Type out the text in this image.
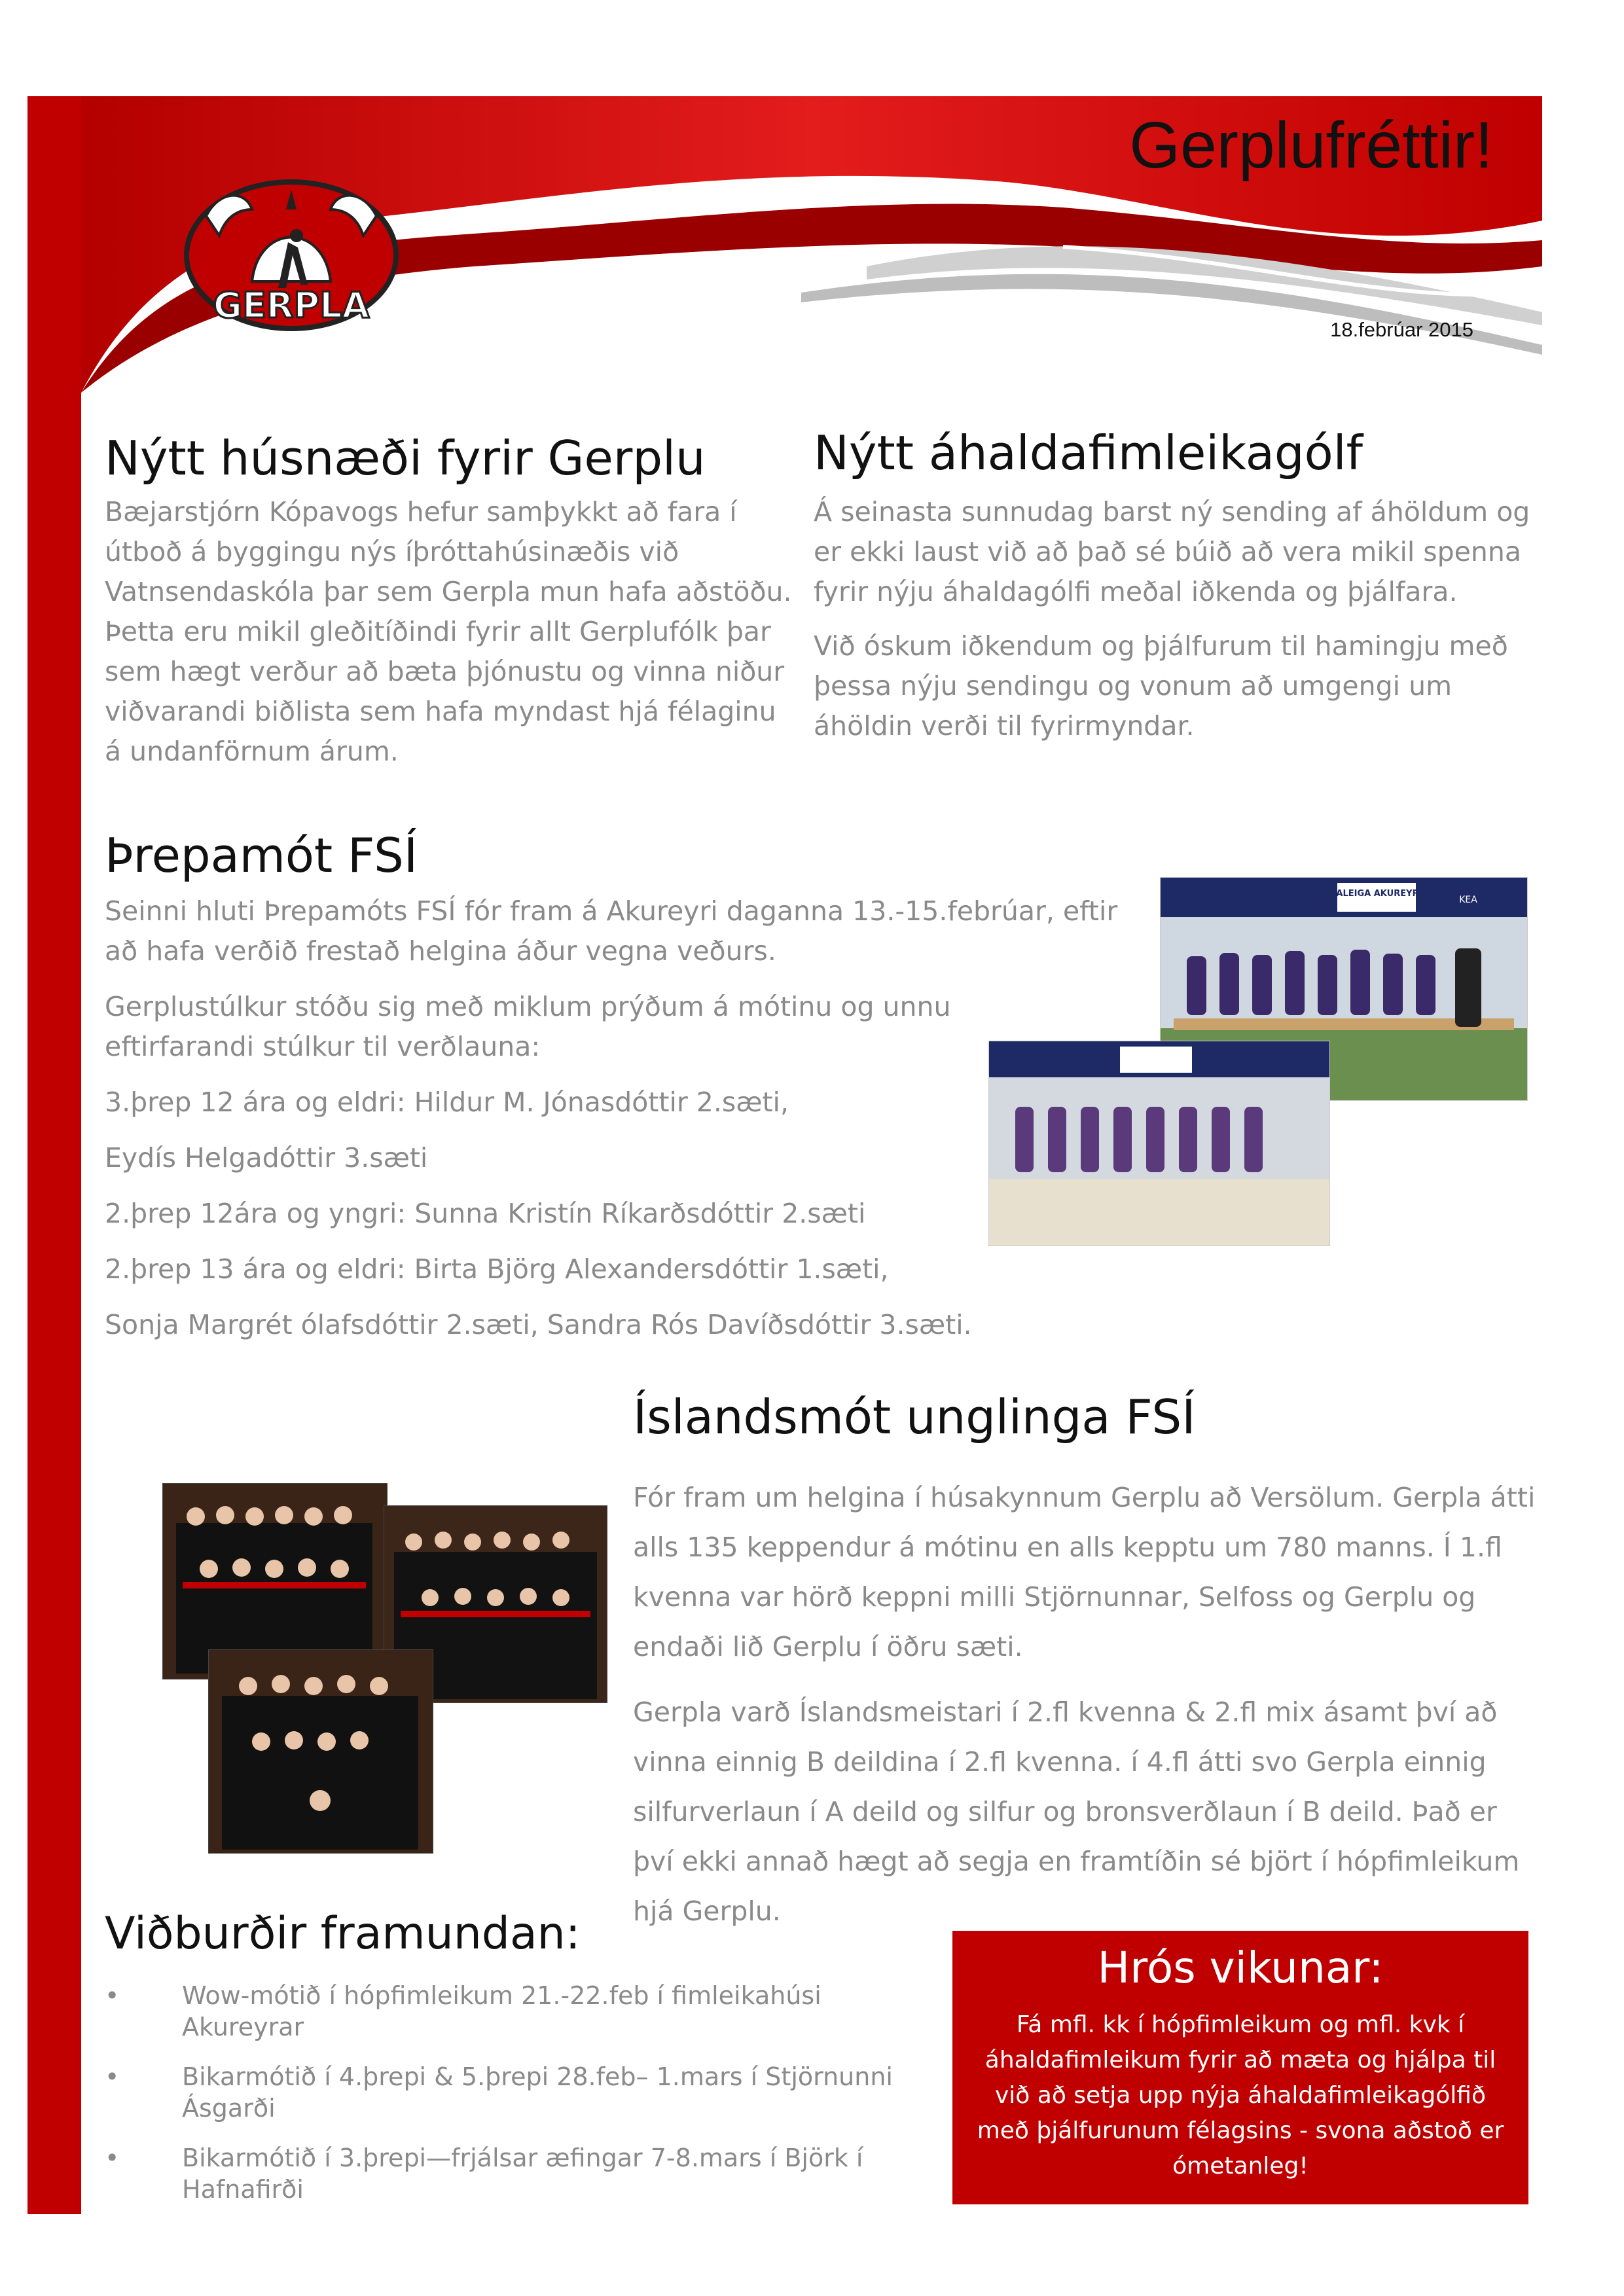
GERPLA
Gerplufréttir!
18.febrúar 2015
Nýtt húsnæði fyrir Gerplu

Bæjarstjórn Kópavogs hefur samþykkt að fara í útboð á byggingu nýs íþróttahúsinæðis við Vatnsendaskóla þar sem Gerpla mun hafa aðstöðu. Þetta eru mikil gleðitíðindi fyrir allt Gerplufólk þar sem hægt verður að bæta þjónustu og vinna niður viðvarandi biðlista sem hafa myndast hjá félaginu á undanförnum árum.

Nýtt áhaldafimleikagólf

Á seinasta sunnudag barst ný sending af áhöldum og er ekki laust við að það sé búið að vera mikil spenna fyrir nýju áhaldagólfi meðal iðkenda og þjálfara.

Við óskum iðkendum og þjálfurum til hamingju með þessa nýju sendingu og vonum að umgengi um áhöldin verði til fyrirmyndar.

Þrepamót FSÍ

Seinni hluti Þrepamóts FSÍ fór fram á Akureyri daganna 13.-15.febrúar, eftir að hafa verðið frestað helgina áður vegna veðurs.

Gerplustúlkur stóðu sig með miklum prýðum á mótinu og unnu eftirfarandi stúlkur til verðlauna:

3.þrep 12 ára og eldri: Hildur M. Jónasdóttir 2.sæti,

Eydís Helgadóttir 3.sæti

2.þrep 12ára og yngri: Sunna Kristín Ríkarðsdóttir 2.sæti

2.þrep 13 ára og eldri: Birta Björg Alexandersdóttir 1.sæti,

Sonja Margrét ólafsdóttir 2.sæti, Sandra Rós Davíðsdóttir 3.sæti.

BÍLALEIGA AKUREYRAR
KEA
Íslandsmót unglinga FSÍ

Fór fram um helgina í húsakynnum Gerplu að Versölum. Gerpla átti alls 135 keppendur á mótinu en alls kepptu um 780 manns. Í 1.fl kvenna var hörð keppni milli Stjörnunnar, Selfoss og Gerplu og endaði lið Gerplu í öðru sæti.

Gerpla varð Íslandsmeistari í 2.fl kvenna & 2.fl mix ásamt því að vinna einnig B deildina í 2.fl kvenna. í 4.fl átti svo Gerpla einnig silfurverlaun í A deild og silfur og bronsverðlaun í B deild. Það er því ekki annað hægt að segja en framtíðin sé björt í hópfimleikum hjá Gerplu.

Viðburðir framundan:
•	Wow-mótið í hópfimleikum 21.-22.feb í fimleikahúsi Akureyrar
•	Bikarmótið í 4.þrepi & 5.þrepi 28.feb– 1.mars í Stjörnunni Ásgarði
•	Bikarmótið í 3.þrepi—frjálsar æfingar 7-8.mars í Björk í Hafnafirði
Hrós vikunar:
Fá mfl. kk í hópfimleikum og mfl. kvk í áhaldafimleikum fyrir að mæta og hjálpa til við að setja upp nýja áhaldafimleikagólfið með þjálfurunum félagsins - svona aðstoð er ómetanleg!
